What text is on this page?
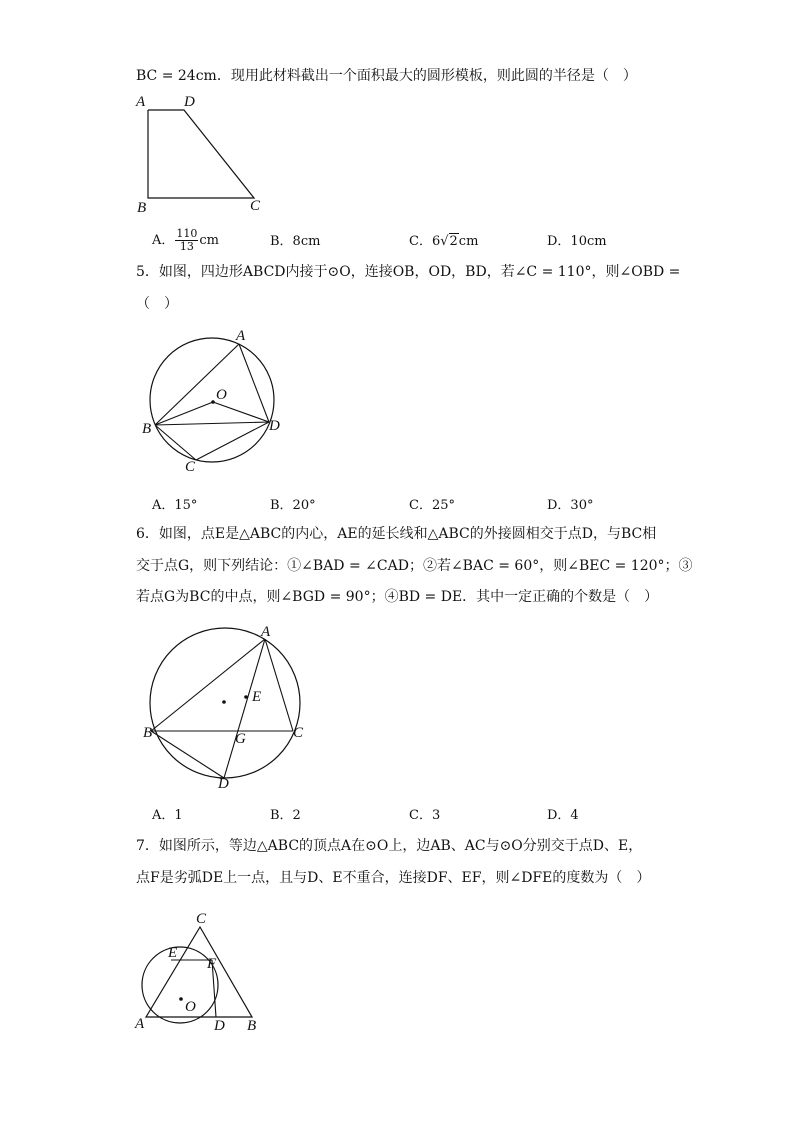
BC = 24cm．现用此材料截出一个面积最大的圆形模板，则此圆的半径是（　）
A	D
B	C
A． $\frac{110}{13}$ cm	B．8cm	C．6√2cm	D．10cm
5．如图，四边形ABCD内接于⊙O，连接OB，OD，BD，若∠C = 110°，则∠OBD =
（　）
A
B
C
D
O
A．15°	B．20°	C．25°	D．30°
6．如图，点E是△ABC的内心，AE的延长线和△ABC的外接圆相交于点D，与BC相
交于点G，则下列结论：①∠BAD = ∠CAD；②若∠BAC = 60°，则∠BEC = 120°；③
若点G为BC的中点，则∠BGD = 90°；④BD = DE．其中一定正确的个数是（　）
A
B	C
D
E
G
A．1	B．2	C．3	D．4
7．如图所示，等边△ABC的顶点A在⊙O上，边AB、AC与⊙O分别交于点D、E，
点F是劣弧DE上一点，且与D、E不重合，连接DF、EF，则∠DFE的度数为（　）
C
E
F
O
A	D B
